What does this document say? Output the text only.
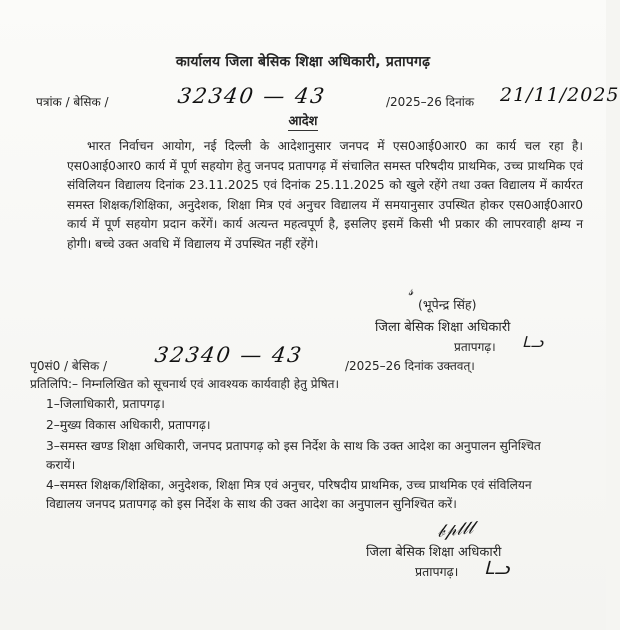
कार्यालय जिला बेसिक शिक्षा अधिकारी, प्रतापगढ़
पत्रांक / बेसिक /	32340 — 43	/2025–26 दिनांक 21/11/2025
आदेश
भारत निर्वाचन आयोग, नई दिल्ली के आदेशानुसार जनपद में एस0आई0आर0 का कार्य चल रहा है। एस0आई0आर0 कार्य में पूर्ण सहयोग हेतु जनपद प्रतापगढ़ में संचालित समस्त परिषदीय प्राथमिक, उच्च प्राथमिक एवं संविलियन विद्यालय दिनांक 23.11.2025 एवं दिनांक 25.11.2025 को खुले रहेंगे तथा उक्त विद्यालय में कार्यरत समस्त शिक्षक/शिक्षिका, अनुदेशक, शिक्षा मित्र एवं अनुचर विद्यालय में समयानुसार उपस्थित होकर एस0आई0आर0 कार्य में पूर्ण सहयोग प्रदान करेंगें। कार्य अत्यन्त महत्वपूर्ण है, इसलिए इसमें किसी भी प्रकार की लापरवाही क्षम्य न होगी। बच्चे उक्त अवधि में विद्यालय में उपस्थित नहीं रहेंगे।
𝓈
(भूपेन्द्र सिंह)
जिला बेसिक शिक्षा अधिकारी
प्रतापगढ़। ᒪᓗ
पृ0सं0 / बेसिक / 32340 — 43	/2025–26 दिनांक उक्तवत्।
प्रतिलिपि:– निम्नलिखित को सूचनार्थ एवं आवश्यक कार्यवाही हेतु प्रेषित।
1–जिलाधिकारी, प्रतापगढ़।
2–मुख्य विकास अधिकारी, प्रतापगढ़।
3–समस्त खण्ड शिक्षा अधिकारी, जनपद प्रतापगढ़ को इस निर्देश के साथ कि उक्त आदेश का अनुपालन सुनिश्चित करायें।
4–समस्त शिक्षक/शिक्षिका, अनुदेशक, शिक्षा मित्र एवं अनुचर, परिषदीय प्राथमिक, उच्च प्राथमिक एवं संविलियन विद्यालय जनपद प्रतापगढ़ को इस निर्देश के साथ की उक्त आदेश का अनुपालन सुनिश्चित करें।
𝒷𝓅𝓁𝓁𝓁
जिला बेसिक शिक्षा अधिकारी
प्रतापगढ़। ᒪᓗ
